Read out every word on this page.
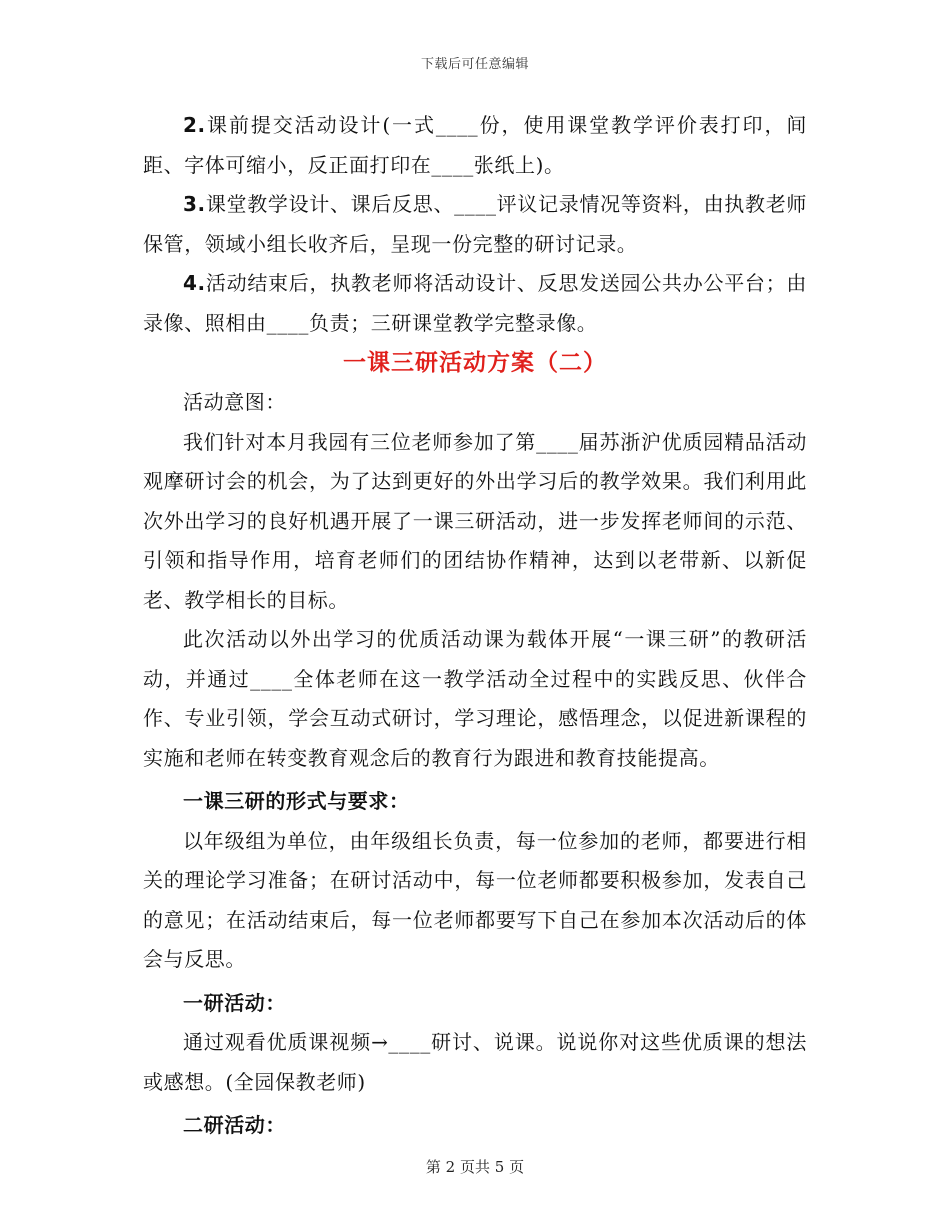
下载后可任意编辑

2.课前提交活动设计(一式____份，使用课堂教学评价表打印，间距、字体可缩小，反正面打印在____张纸上)。

3.课堂教学设计、课后反思、____评议记录情况等资料，由执教老师保管，领域小组长收齐后，呈现一份完整的研讨记录。

4.活动结束后，执教老师将活动设计、反思发送园公共办公平台；由录像、照相由____负责；三研课堂教学完整录像。

一课三研活动方案（二）

活动意图：

我们针对本月我园有三位老师参加了第____届苏浙沪优质园精品活动观摩研讨会的机会，为了达到更好的外出学习后的教学效果。我们利用此次外出学习的良好机遇开展了一课三研活动，进一步发挥老师间的示范、引领和指导作用，培育老师们的团结协作精神，达到以老带新、以新促老、教学相长的目标。

此次活动以外出学习的优质活动课为载体开展“一课三研”的教研活动，并通过____全体老师在这一教学活动全过程中的实践反思、伙伴合作、专业引领，学会互动式研讨，学习理论，感悟理念，以促进新课程的实施和老师在转变教育观念后的教育行为跟进和教育技能提高。

一课三研的形式与要求：

以年级组为单位，由年级组长负责，每一位参加的老师，都要进行相关的理论学习准备；在研讨活动中，每一位老师都要积极参加，发表自己的意见；在活动结束后，每一位老师都要写下自己在参加本次活动后的体会与反思。

一研活动：

通过观看优质课视频→____研讨、说课。说说你对这些优质课的想法或感想。(全园保教老师)

二研活动：

第 2 页共 5 页
